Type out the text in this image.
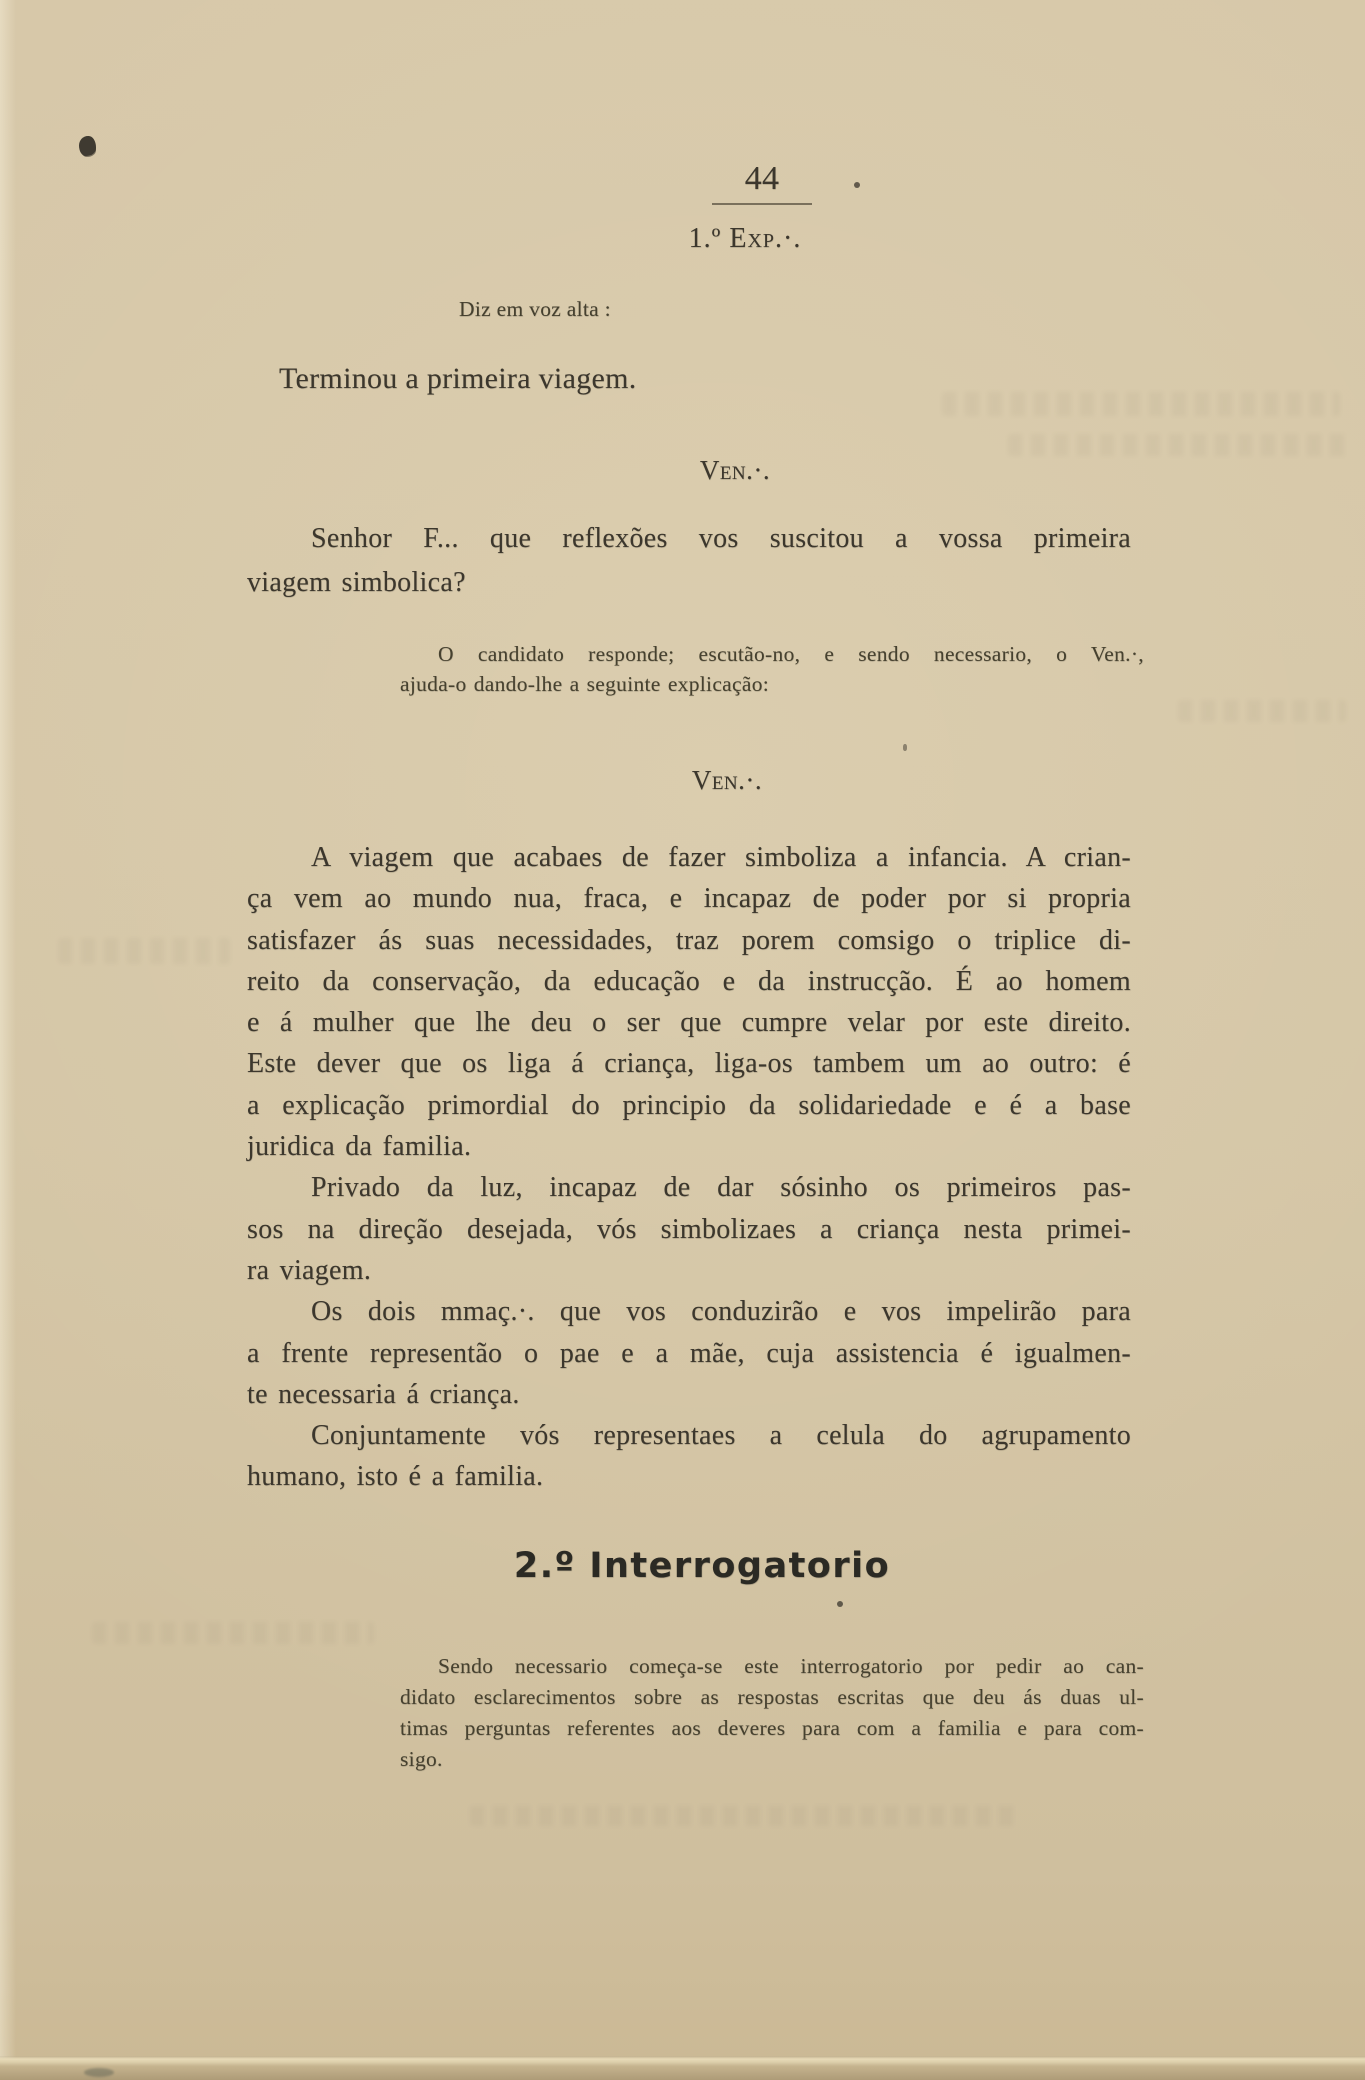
44
1.º Exp.·.
Diz em voz alta :
Terminou a primeira viagem.
Ven.·.
Senhor F... que reflexões vos suscitou a vossa primeira
viagem simbolica?
O candidato responde; escutão-no, e sendo necessario, o Ven.·,
ajuda-o dando-lhe a seguinte explicação:
Ven.·.
A viagem que acabaes de fazer simboliza a infancia. A crian-
ça vem ao mundo nua, fraca, e incapaz de poder por si propria
satisfazer ás suas necessidades, traz porem comsigo o triplice di-
reito da conservação, da educação e da instrucção. É ao homem
e á mulher que lhe deu o ser que cumpre velar por este direito.
Este dever que os liga á criança, liga-os tambem um ao outro: é
a explicação primordial do principio da solidariedade e é a base
juridica da familia.
Privado da luz, incapaz de dar sósinho os primeiros pas-
sos na direção desejada, vós simbolizaes a criança nesta primei-
ra viagem.
Os dois mmaç.·. que vos conduzirão e vos impelirão para
a frente representão o pae e a mãe, cuja assistencia é igualmen-
te necessaria á criança.
Conjuntamente vós representaes a celula do agrupamento
humano, isto é a familia.
2.º Interrogatorio
Sendo necessario começa-se este interrogatorio por pedir ao can-
didato esclarecimentos sobre as respostas escritas que deu ás duas ul-
timas perguntas referentes aos deveres para com a familia e para com-
sigo.
